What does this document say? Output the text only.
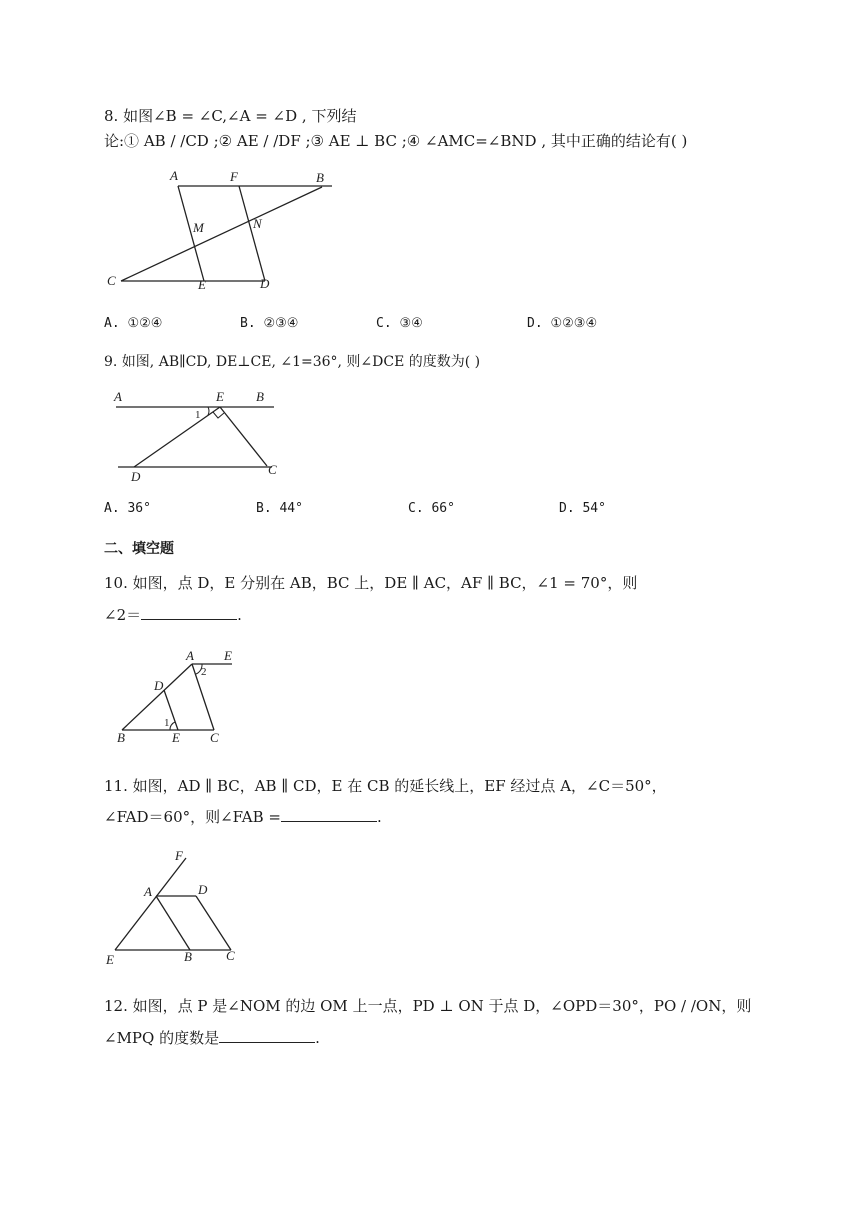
8. 如图∠B = ∠C,∠A = ∠D , 下列结
论:① AB / /CD ;② AE / /DF ;③ AE ⊥ BC ;④ ∠AMC=∠BND , 其中正确的结论有( )
A	F	B
M	N
C	E	D
A. ①②④	B. ②③④	C. ③④	D. ①②③④
9. 如图, AB∥CD, DE⊥CE, ∠1=36°, 则∠DCE 的度数为( )
A	E B
1
D	C
A. 36°	B. 44°	C. 66°	D. 54°
二、填空题
10. 如图，点 D，E 分别在 AB，BC 上，DE ∥ AC，AF ∥ BC，∠1 = 70°，则
∠2＝	.
A E
2
D
1
B	E C
11. 如图，AD ∥ BC，AB ∥ CD，E 在 CB 的延长线上，EF 经过点 A，∠C＝50°，
∠FAD＝60°，则∠FAB =	.
F
A	D
E	B	C
12. 如图，点 P 是∠NOM 的边 OM 上一点，PD ⊥ ON 于点 D，∠OPD＝30°，PO / /ON，则
∠MPQ 的度数是	.
